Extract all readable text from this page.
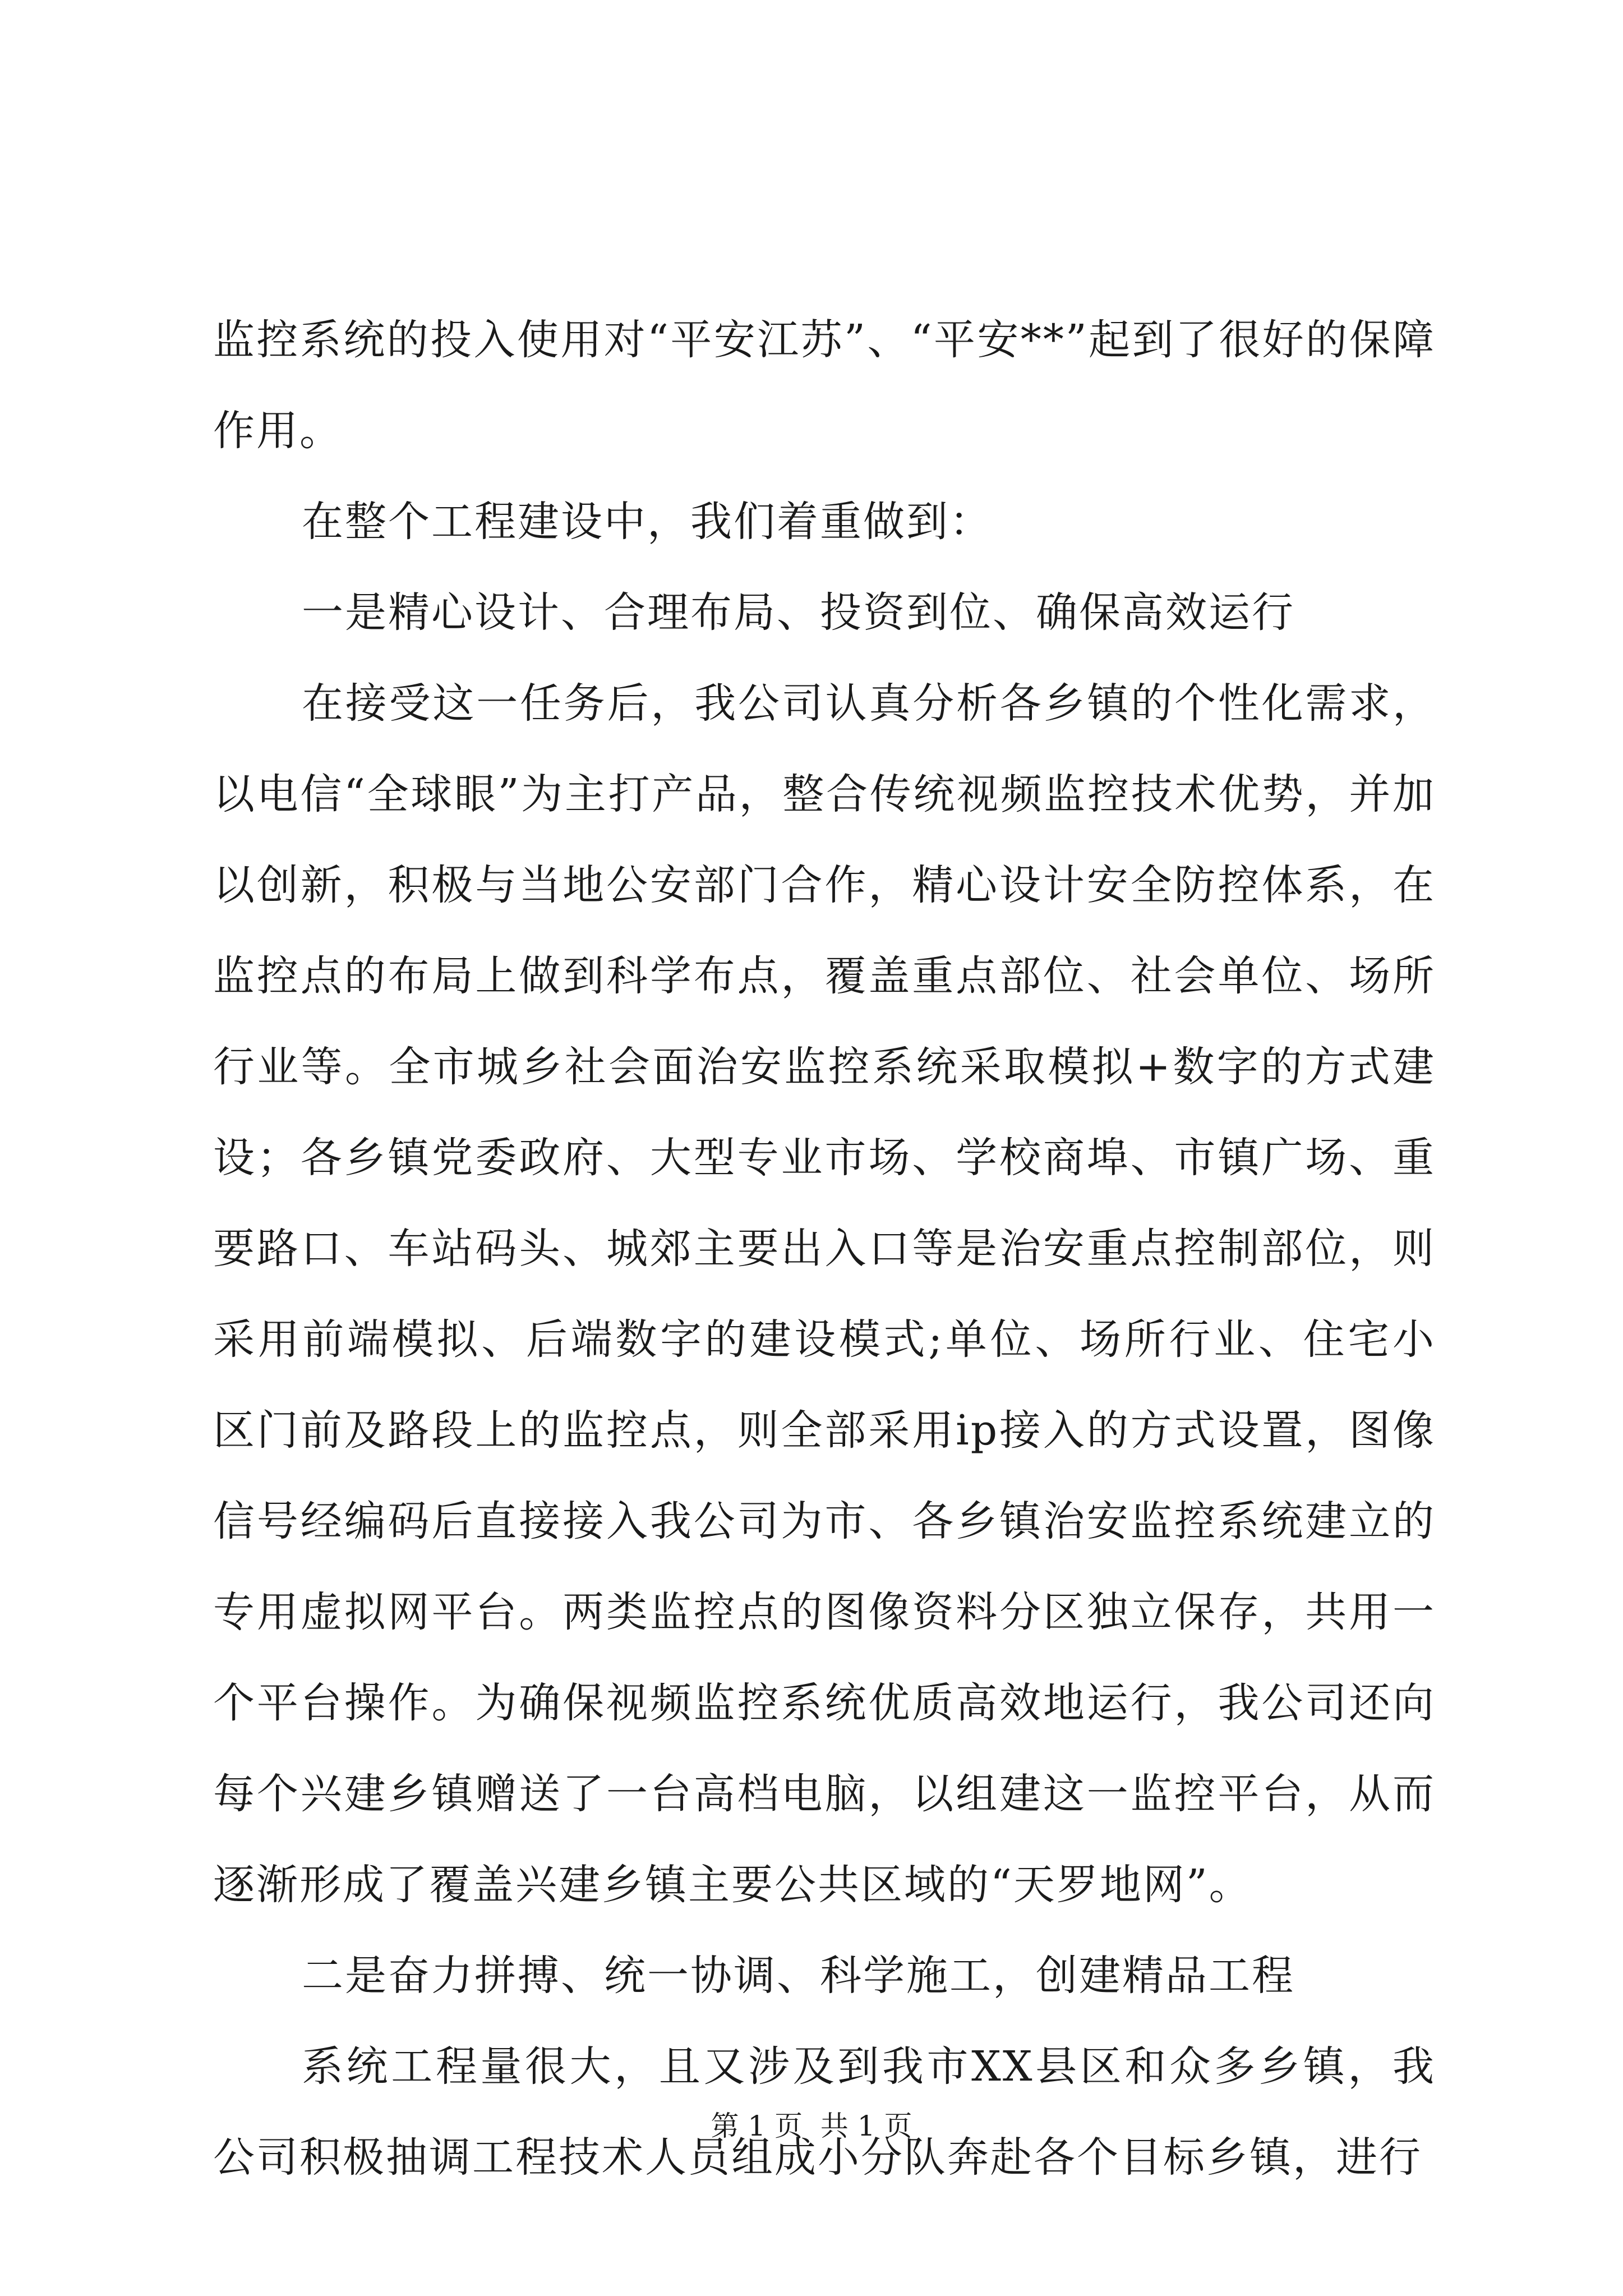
监控系统的投入使用对“平安江苏”、“平安**”起到了很好的保障作用。

在整个工程建设中，我们着重做到：

一是精心设计、合理布局、投资到位、确保高效运行

在接受这一任务后，我公司认真分析各乡镇的个性化需求，以电信“全球眼”为主打产品，整合传统视频监控技术优势，并加以创新，积极与当地公安部门合作，精心设计安全防控体系，在监控点的布局上做到科学布点，覆盖重点部位、社会单位、场所行业等。全市城乡社会面治安监控系统采取模拟+数字的方式建设；各乡镇党委政府、大型专业市场、学校商埠、市镇广场、重要路口、车站码头、城郊主要出入口等是治安重点控制部位，则采用前端模拟、后端数字的建设模式;单位、场所行业、住宅小区门前及路段上的监控点，则全部采用ip接入的方式设置，图像信号经编码后直接接入我公司为市、各乡镇治安监控系统建立的专用虚拟网平台。两类监控点的图像资料分区独立保存，共用一个平台操作。为确保视频监控系统优质高效地运行，我公司还向每个兴建乡镇赠送了一台高档电脑，以组建这一监控平台，从而逐渐形成了覆盖兴建乡镇主要公共区域的“天罗地网”。

二是奋力拼搏、统一协调、科学施工，创建精品工程

系统工程量很大，且又涉及到我市XX县区和众多乡镇，我公司积极抽调工程技术人员组成小分队奔赴各个目标乡镇，进行

第 1 页  共 1 页
